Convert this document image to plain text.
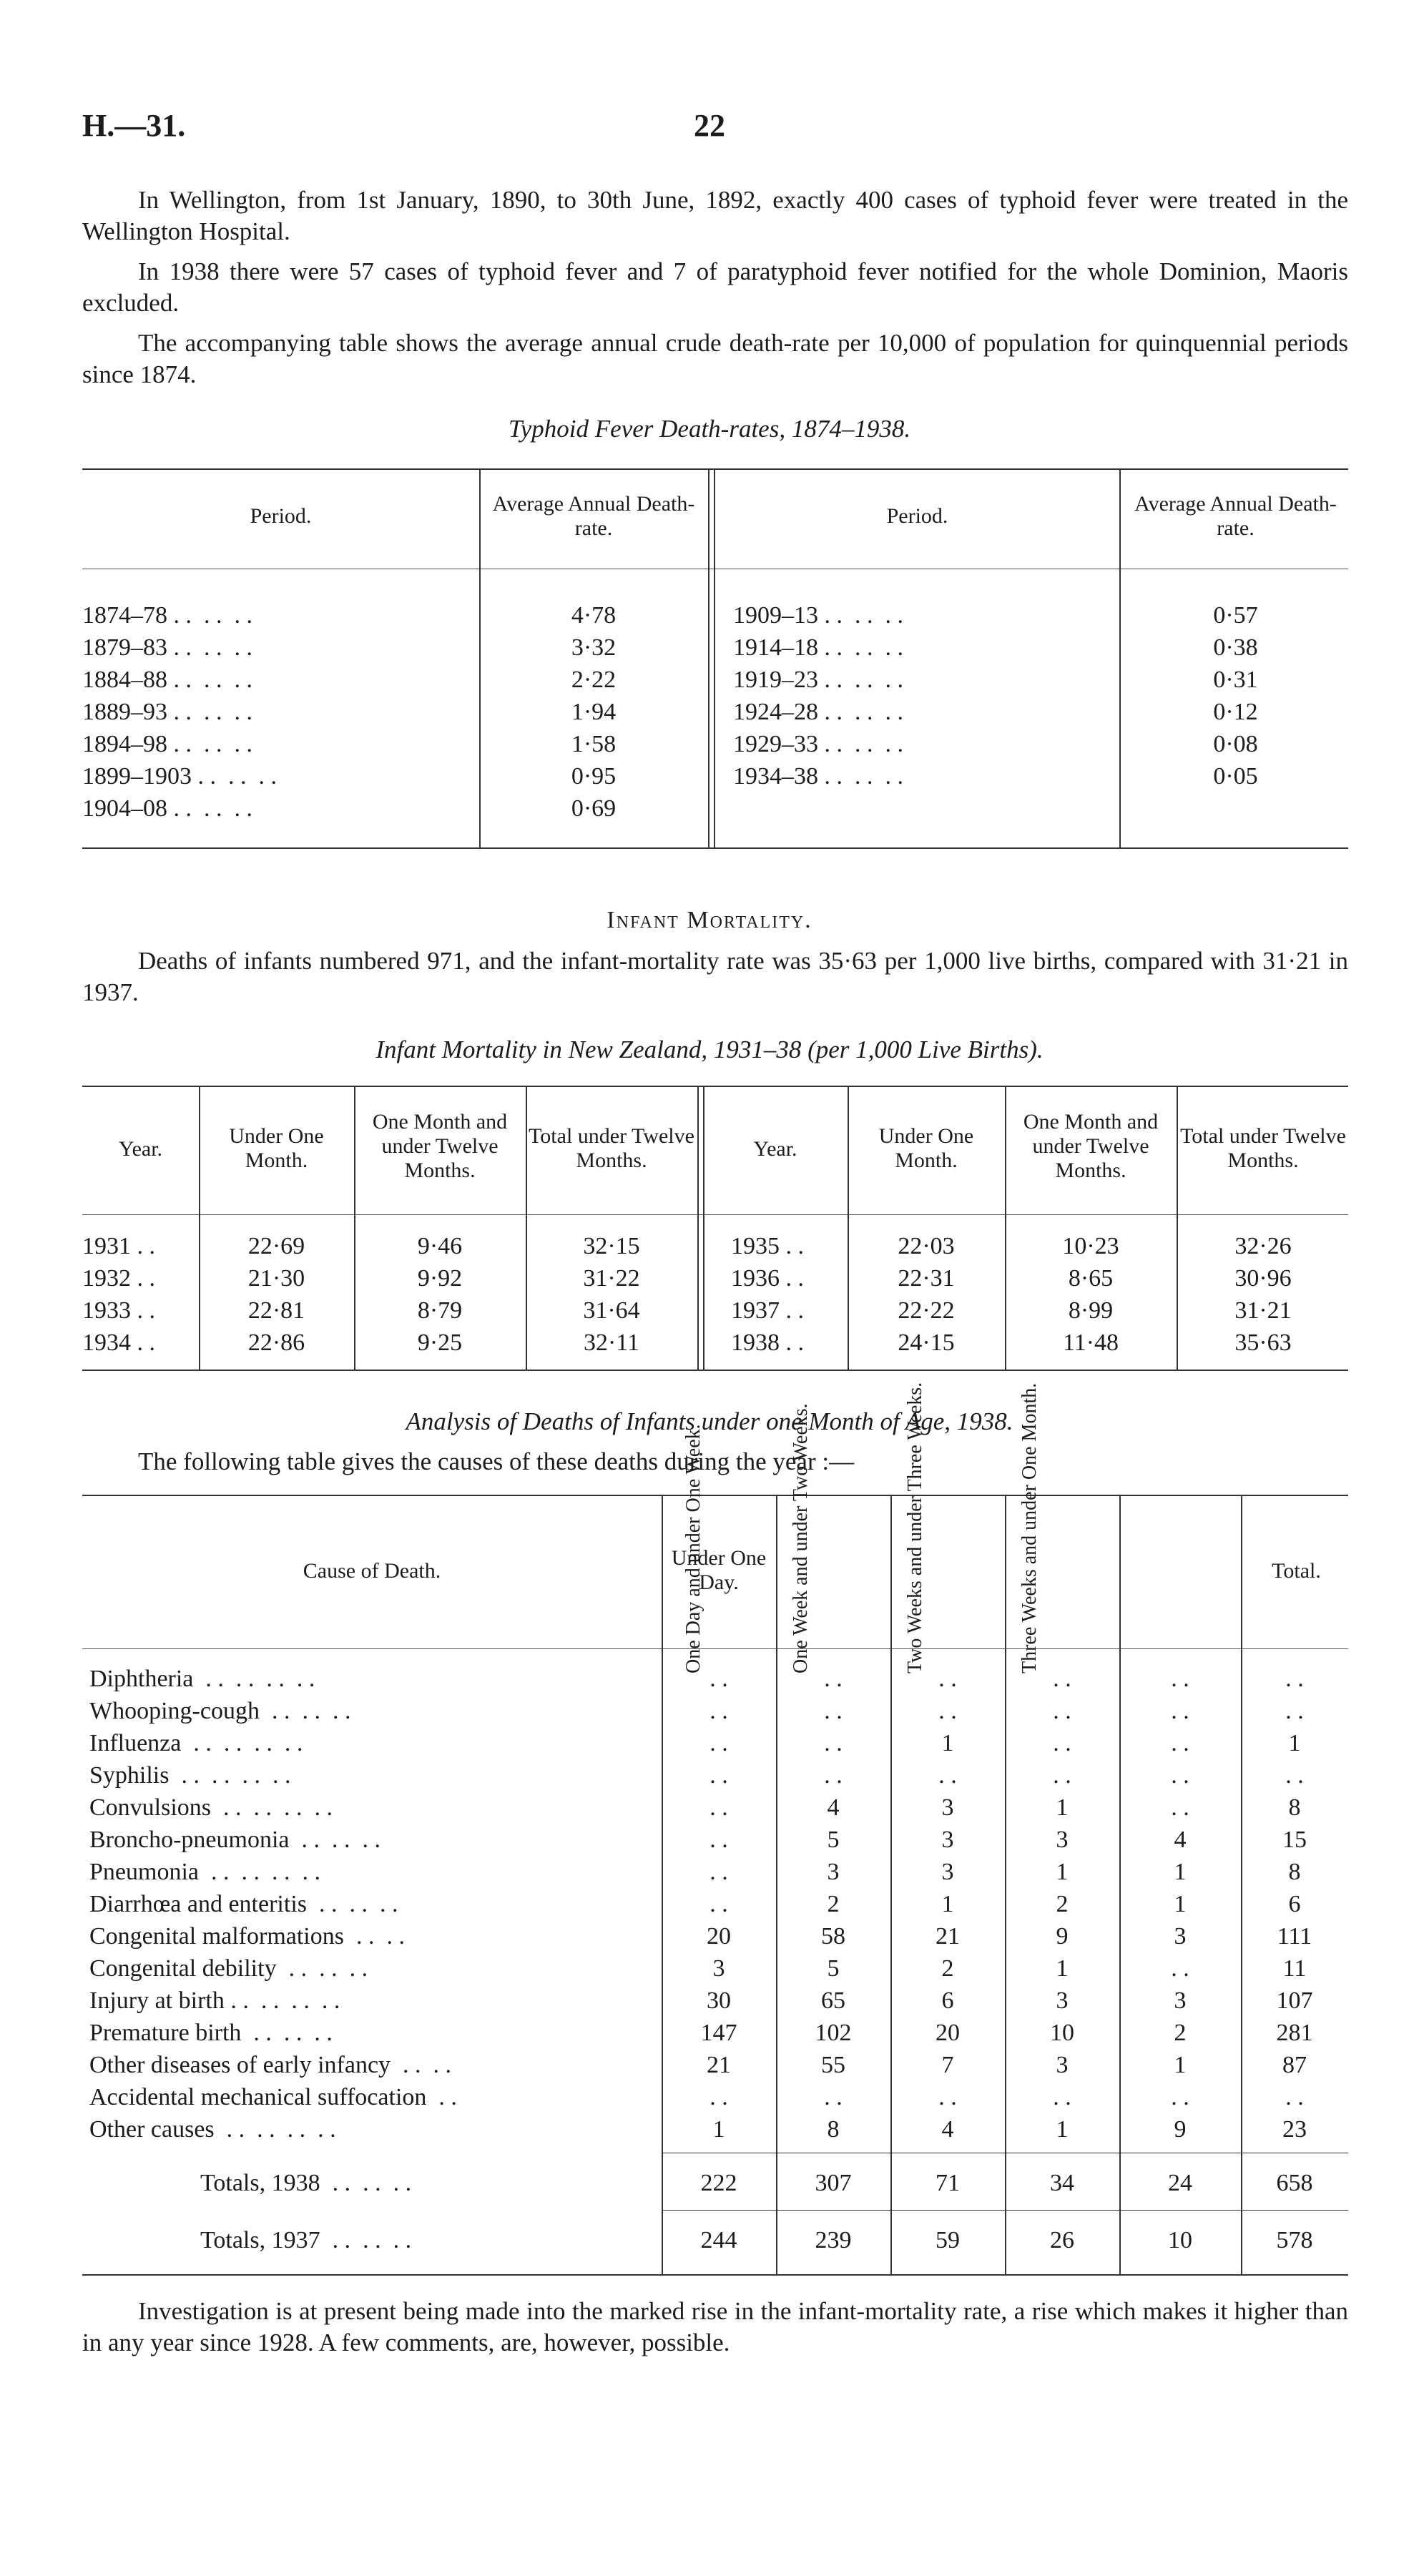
H.—31.	22

In Wellington, from 1st January, 1890, to 30th June, 1892, exactly 400 cases of typhoid fever were treated in the Wellington Hospital.

In 1938 there were 57 cases of typhoid fever and 7 of paratyphoid fever notified for the whole Dominion, Maoris excluded.

The accompanying table shows the average annual crude death-rate per 10,000 of population for quinquennial periods since 1874.

Typhoid Fever Death-rates, 1874–1938.
Period.
Average Annual Death-rate.
Period.
Average Annual Death-rate.
1874–78 . .  . .  . .	4·78
1879–83 . .  . .  . .	3·32
1884–88 . .  . .  . .	2·22
1889–93 . .  . .  . .	1·94
1894–98 . .  . .  . .	1·58
1899–1903 . .  . .  . .	0·95
1904–08 . .  . .  . .	0·69
1909–13 . .  . .  . .	0·57
1914–18 . .  . .  . .	0·38
1919–23 . .  . .  . .	0·31
1924–28 . .  . .  . .	0·12
1929–33 . .  . .  . .	0·08
1934–38 . .  . .  . .	0·05
Infant Mortality.

Deaths of infants numbered 971, and the infant-mortality rate was 35·63 per 1,000 live births, compared with 31·21 in 1937.

Infant Mortality in New Zealand, 1931–38 (per 1,000 Live Births).
Year.
Under One Month.
One Month and under Twelve Months.
Total under Twelve Months.	Year.
Under One Month.
One Month and under Twelve Months.
Total under Twelve Months.
1931 . .	22·69	9·46	32·15
1932 . .	21·30	9·92	31·22
1933 . .	22·81	8·79	31·64
1934 . .	22·86	9·25	32·11
1935 . .	22·03	10·23	32·26
1936 . .	22·31	8·65	30·96
1937 . .	22·22	8·99	31·21
1938 . .	24·15	11·48	35·63
Analysis of Deaths of Infants under one Month of Age, 1938.

The following table gives the causes of these deaths during the year :—

Cause of Death.
Under One Day.
One Day and under One Week.	One Week and under Two Weeks.	Two Weeks and under Three Weeks.	Three Weeks and under One Month.	Total.
Diphtheria  . .  . .  . .  . .	. .	. .	. .	. .	. .	. .
Whooping-cough  . .  . .  . .	. .	. .	. .	. .	. .	. .
Influenza  . .  . .  . .  . .	. .	. .	1	. .	. .	1
Syphilis  . .  . .  . .  . .	. .	. .	. .	. .	. .	. .
Convulsions  . .  . .  . .  . .	. .	4	3	1	. .	8
Broncho-pneumonia  . .  . .  . .	. .	5	3	3	4	15
Pneumonia  . .  . .  . .  . .	. .	3	3	1	1	8
Diarrhœa and enteritis  . .  . .  . .	. .	2	1	2	1	6
Congenital malformations  . .  . .	20	58	21	9	3	111
Congenital debility  . .  . .  . .	3	5	2	1	. .	11
Injury at birth . .  . .  . .  . .	30	65	6	3	3	107
Premature birth  . .  . .  . .	147	102	20	10	2	281
Other diseases of early infancy  . .  . .	21	55	7	3	1	87
Accidental mechanical suffocation  . .	. .	. .	. .	. .	. .	. .
Other causes  . .  . .  . .  . .	1	8	4	1	9	23
Totals, 1938  . .  . .  . .	222	307	71	34	24	658
Totals, 1937  . .  . .  . .	244	239	59	26	10	578

Investigation is at present being made into the marked rise in the infant-mortality rate, a rise which makes it higher than in any year since 1928. A few comments, are, however, possible.
